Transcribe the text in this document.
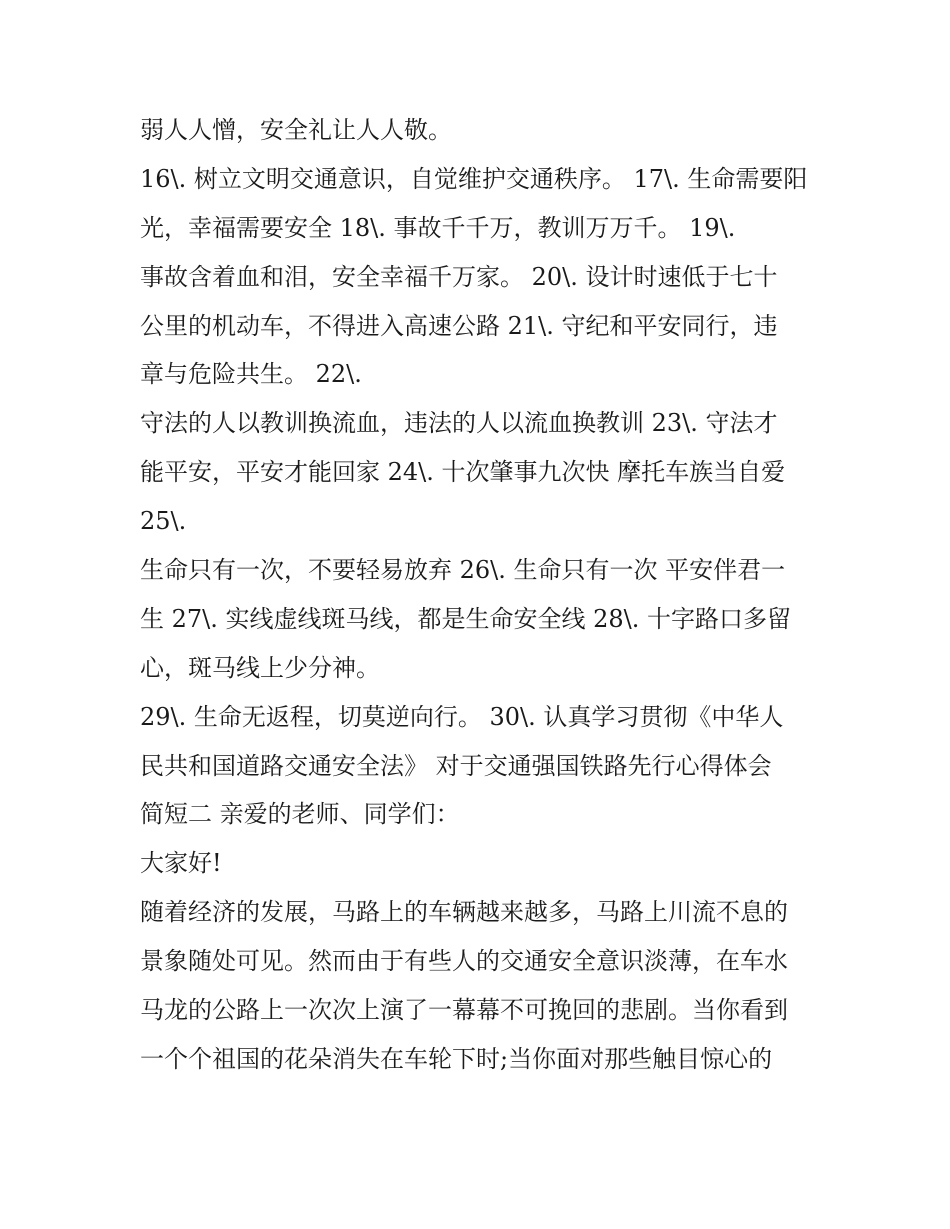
弱人人憎，安全礼让人人敬。
16\. 树立文明交通意识，自觉维护交通秩序。 17\. 生命需要阳
光，幸福需要安全 18\. 事故千千万，教训万万千。 19\.
事故含着血和泪，安全幸福千万家。 20\. 设计时速低于七十
公里的机动车，不得进入高速公路 21\. 守纪和平安同行，违
章与危险共生。 22\.
守法的人以教训换流血，违法的人以流血换教训 23\. 守法才
能平安，平安才能回家 24\. 十次肇事九次快 摩托车族当自爱
25\.
生命只有一次，不要轻易放弃 26\. 生命只有一次 平安伴君一
生 27\. 实线虚线斑马线，都是生命安全线 28\. 十字路口多留
心，斑马线上少分神。
29\. 生命无返程，切莫逆向行。 30\. 认真学习贯彻《中华人
民共和国道路交通安全法》 对于交通强国铁路先行心得体会
简短二 亲爱的老师、同学们：
大家好!
随着经济的发展，马路上的车辆越来越多，马路上川流不息的
景象随处可见。然而由于有些人的交通安全意识淡薄，在车水
马龙的公路上一次次上演了一幕幕不可挽回的悲剧。当你看到
一个个祖国的花朵消失在车轮下时;当你面对那些触目惊心的
